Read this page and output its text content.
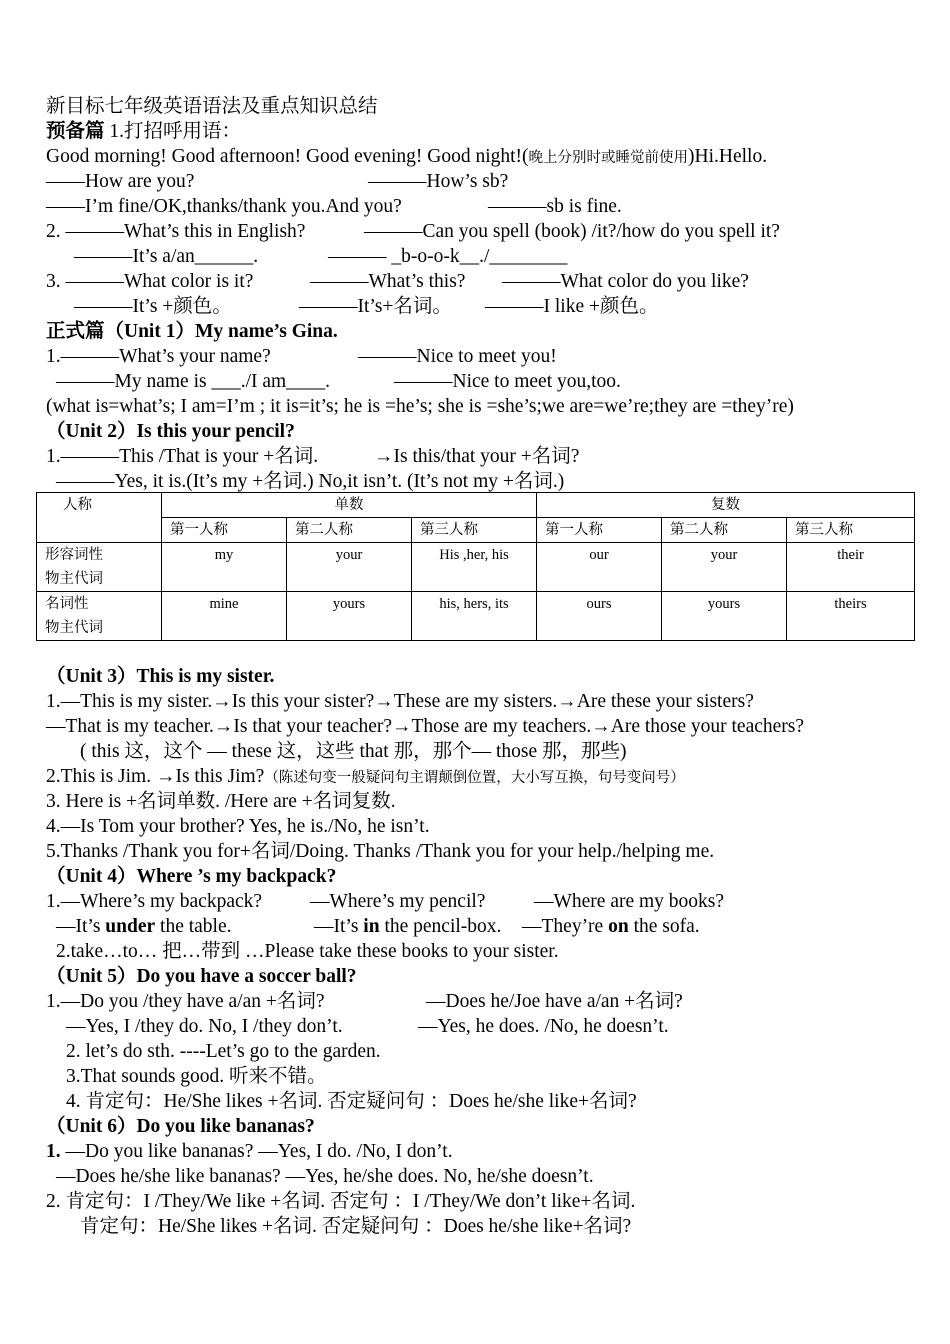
新目标七年级英语语法及重点知识总结
预备篇 1.打招呼用语：
Good morning! Good afternoon! Good evening! Good night!(晚上分别时或睡觉前使用)Hi.Hello.
——How are you?	———How’s sb?
——I’m fine/OK,thanks/thank you.And you?	———sb is fine.
2. ———What’s this in English?	———Can you spell (book) /it?/how do you spell it?
———It’s a/an______.	——— _b-o-o-k__./________
3. ———What color is it?	———What’s this? ———What color do you like?
———It’s +颜色。	———It’s+名词。 ———I like +颜色。
正式篇（Unit 1）My name’s Gina.
1.———What’s your name?	———Nice to meet you!
———My name is ___./I am____.	———Nice to meet you,too.
(what is=what’s; I am=I’m ; it is=it’s; he is =he’s; she is =she’s;we are=we’re;they are =they’re)
（Unit 2）Is this your pencil?
1.———This /That is your +名词.	→Is this/that your +名词?
———Yes, it is.(It’s my +名词.) No,it isn’t. (It’s not my +名词.)
人称	单数			复数		
	第一人称	第二人称	第三人称	第一人称	第二人称	第三人称
形容词性
物主代词	my	your	His ,her, his	our	your	their
名词性
物主代词	mine	yours	his, hers, its	ours	yours	theirs
（Unit 3）This is my sister.
1.—This is my sister.→Is this your sister?→These are my sisters.→Are these your sisters?
—That is my teacher.→Is that your teacher?→Those are my teachers.→Are those your teachers?
( this 这，这个 — these 这，这些 that 那，那个— those 那，那些)
2.This is Jim. →Is this Jim?（陈述句变一般疑问句主谓颠倒位置，大小写互换，句号变问号）
3. Here is +名词单数. /Here are +名词复数.
4.—Is Tom your brother? Yes, he is./No, he isn’t.
5.Thanks /Thank you for+名词/Doing. Thanks /Thank you for your help./helping me.
（Unit 4）Where ’s my backpack?
1.—Where’s my backpack? —Where’s my pencil? —Where are my books?
—It’s under the table.	—It’s in the pencil-box. —They’re on the sofa.
2.take…to… 把…带到 …Please take these books to your sister.
（Unit 5）Do you have a soccer ball?
1.—Do you /they have a/an +名词?	—Does he/Joe have a/an +名词?
—Yes, I /they do. No, I /they don’t.	—Yes, he does. /No, he doesn’t.
2. let’s do sth. ----Let’s go to the garden.
3.That sounds good. 听来不错。
4. 肯定句：He/She likes +名词. 否定疑问句 ：Does he/she like+名词?
（Unit 6）Do you like bananas?
1. —Do you like bananas? —Yes, I do. /No, I don’t.
—Does he/she like bananas? —Yes, he/she does. No, he/she doesn’t.
2. 肯定句：I /They/We like +名词. 否定句 ：I /They/We don’t like+名词.
肯定句：He/She likes +名词. 否定疑问句 ：Does he/she like+名词?
